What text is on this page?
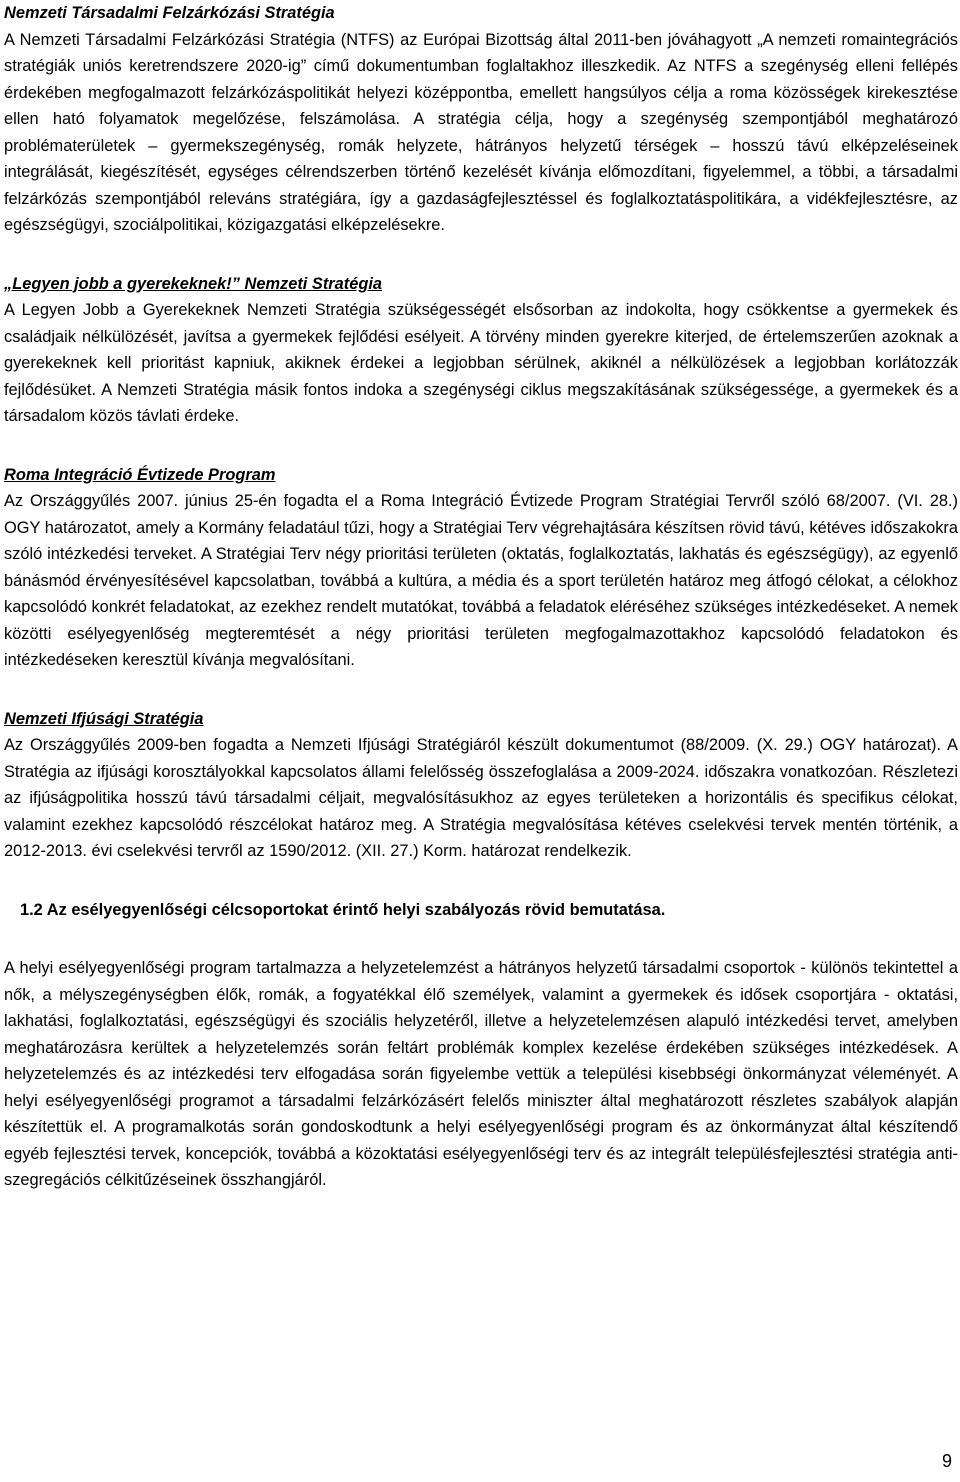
Nemzeti Társadalmi Felzárkózási Stratégia

A Nemzeti Társadalmi Felzárkózási Stratégia (NTFS) az Európai Bizottság által 2011-ben jóváhagyott „A nemzeti romaintegrációs stratégiák uniós keretrendszere 2020-ig” című dokumentumban foglaltakhoz illeszkedik. Az NTFS a szegénység elleni fellépés érdekében megfogalmazott felzárkózáspolitikát helyezi középpontba, emellett hangsúlyos célja a roma közösségek kirekesztése ellen ható folyamatok megelőzése, felszámolása. A stratégia célja, hogy a szegénység szempontjából meghatározó problématerületek – gyermekszegénység, romák helyzete, hátrányos helyzetű térségek – hosszú távú elképzeléseinek integrálását, kiegészítését, egységes célrendszerben történő kezelését kívánja előmozdítani, figyelemmel, a többi, a társadalmi felzárkózás szempontjából releváns stratégiára, így a gazdaságfejlesztéssel és foglalkoztatáspolitikára, a vidékfejlesztésre, az egészségügyi, szociálpolitikai, közigazgatási elképzelésekre.

„Legyen jobb a gyerekeknek!” Nemzeti Stratégia

A Legyen Jobb a Gyerekeknek Nemzeti Stratégia szükségességét elsősorban az indokolta, hogy csökkentse a gyermekek és családjaik nélkülözését, javítsa a gyermekek fejlődési esélyeit. A törvény minden gyerekre kiterjed, de értelemszerűen azoknak a gyerekeknek kell prioritást kapniuk, akiknek érdekei a legjobban sérülnek, akiknél a nélkülözések a legjobban korlátozzák fejlődésüket. A Nemzeti Stratégia másik fontos indoka a szegénységi ciklus megszakításának szükségessége, a gyermekek és a társadalom közös távlati érdeke.

Roma Integráció Évtizede Program

Az Országgyűlés 2007. június 25-én fogadta el a Roma Integráció Évtizede Program Stratégiai Tervről szóló 68/2007. (VI. 28.) OGY határozatot, amely a Kormány feladatául tűzi, hogy a Stratégiai Terv végrehajtására készítsen rövid távú, kétéves időszakokra szóló intézkedési terveket. A Stratégiai Terv négy prioritási területen (oktatás, foglalkoztatás, lakhatás és egészségügy), az egyenlő bánásmód érvényesítésével kapcsolatban, továbbá a kultúra, a média és a sport területén határoz meg átfogó célokat, a célokhoz kapcsolódó konkrét feladatokat, az ezekhez rendelt mutatókat, továbbá a feladatok eléréséhez szükséges intézkedéseket. A nemek közötti esélyegyenlőség megteremtését a négy prioritási területen megfogalmazottakhoz kapcsolódó feladatokon és intézkedéseken keresztül kívánja megvalósítani.

Nemzeti Ifjúsági Stratégia

Az Országgyűlés 2009-ben fogadta a Nemzeti Ifjúsági Stratégiáról készült dokumentumot (88/2009. (X. 29.) OGY határozat). A Stratégia az ifjúsági korosztályokkal kapcsolatos állami felelősség összefoglalása a 2009-2024. időszakra vonatkozóan. Részletezi az ifjúságpolitika hosszú távú társadalmi céljait, megvalósításukhoz az egyes területeken a horizontális és specifikus célokat, valamint ezekhez kapcsolódó részcélokat határoz meg. A Stratégia megvalósítása kétéves cselekvési tervek mentén történik, a 2012-2013. évi cselekvési tervről az 1590/2012. (XII. 27.) Korm. határozat rendelkezik.

1.2 Az esélyegyenlőségi célcsoportokat érintő helyi szabályozás rövid bemutatása.

A helyi esélyegyenlőségi program tartalmazza a helyzetelemzést a hátrányos helyzetű társadalmi csoportok - különös tekintettel a nők, a mélyszegénységben élők, romák, a fogyatékkal élő személyek, valamint a gyermekek és idősek csoportjára - oktatási, lakhatási, foglalkoztatási, egészségügyi és szociális helyzetéről, illetve a helyzetelemzésen alapuló intézkedési tervet, amelyben meghatározásra kerültek a helyzetelemzés során feltárt problémák komplex kezelése érdekében szükséges intézkedések. A helyzetelemzés és az intézkedési terv elfogadása során figyelembe vettük a települési kisebbségi önkormányzat véleményét. A helyi esélyegyenlőségi programot a társadalmi felzárkózásért felelős miniszter által meghatározott részletes szabályok alapján készítettük el. A programalkotás során gondoskodtunk a helyi esélyegyenlőségi program és az önkormányzat által készítendő egyéb fejlesztési tervek, koncepciók, továbbá a közoktatási esélyegyenlőségi terv és az integrált településfejlesztési stratégia anti-szegregációs célkitűzéseinek összhangjáról.

9
